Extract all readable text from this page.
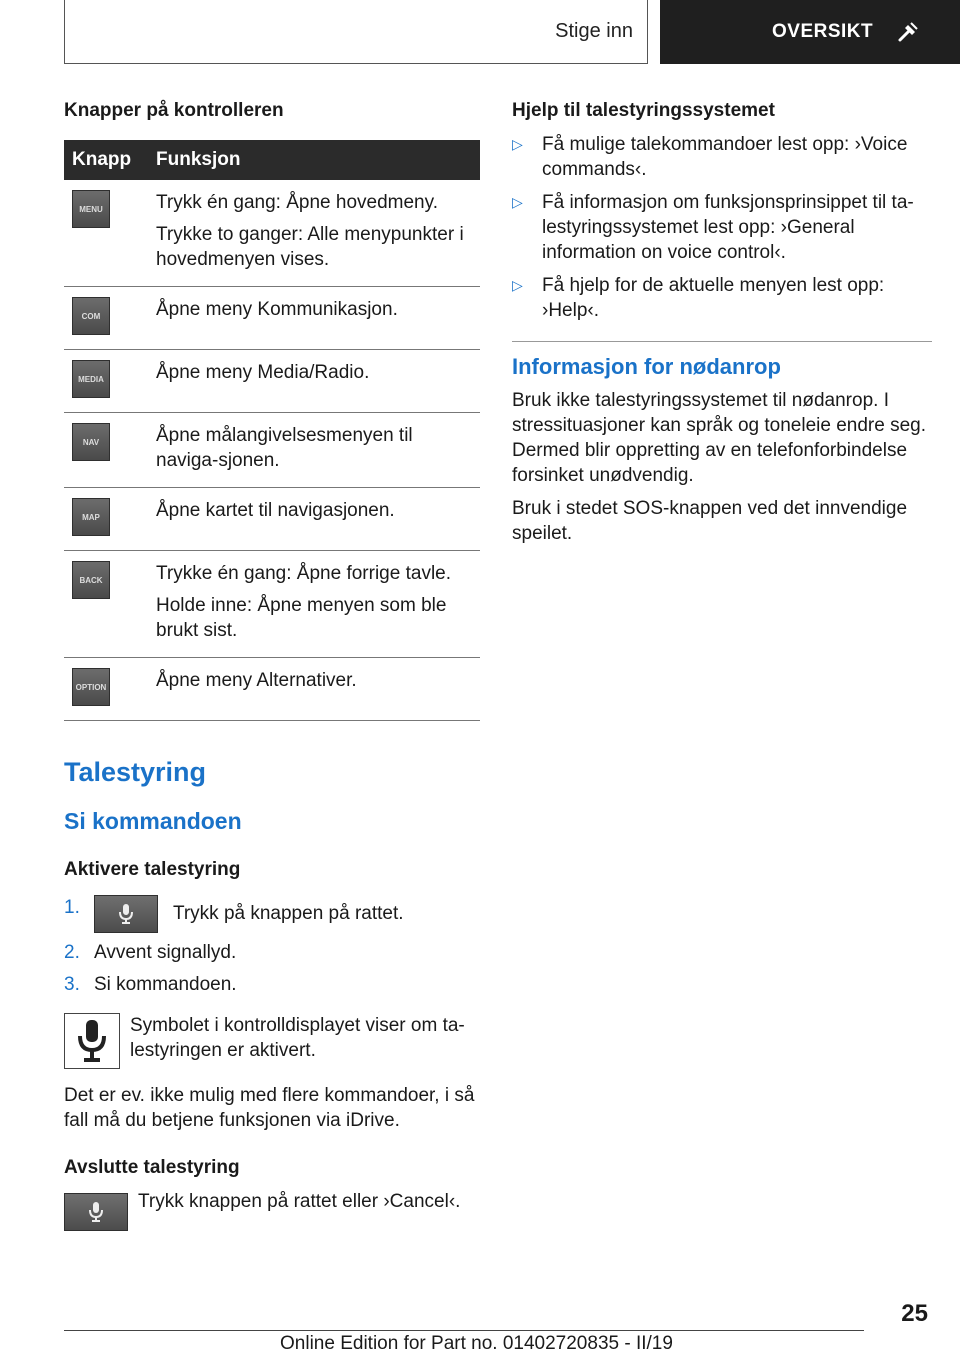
Stige inn	OVERSIKT
Knapper på kontrolleren
Knapp	Funksjon

MENU	Trykk én gang: Åpne hovedmeny.

Trykke to ganger: Alle menypunkter i hovedmenyen vises.

COM	Åpne meny Kommunikasjon.

MEDIA	Åpne meny Media/Radio.

NAV	Åpne målangivelsesmenyen til naviga-sjonen.

MAP	Åpne kartet til navigasjonen.

BACK	Trykke én gang: Åpne forrige tavle.

Holde inne: Åpne menyen som ble brukt sist.

OPTION	Åpne meny Alternativer.

Talestyring
Si kommandoen
Aktivere talestyring
1.	Trykk på knappen på rattet.
2. Avvent signallyd.
3. Si kommandoen.
Symbolet i kontrolldisplayet viser om ta-lestyringen er aktivert.

Det er ev. ikke mulig med flere kommandoer, i så fall må du betjene funksjonen via iDrive.

Avslutte talestyring
Trykk knappen på rattet eller ›Cancel‹.
Hjelp til talestyringssystemet
▷ Få mulige talekommandoer lest opp: ›Voice commands‹.
▷ Få informasjon om funksjonsprinsippet til ta-lestyringssystemet lest opp: ›General information on voice control‹.
▷ Få hjelp for de aktuelle menyen lest opp: ›Help‹.
Informasjon for nødanrop

Bruk ikke talestyringssystemet til nødanrop. I stressituasjoner kan språk og toneleie endre seg. Dermed blir oppretting av en telefonforbindelse forsinket unødvendig.

Bruk i stedet SOS-knappen ved det innvendige speilet.

25
Online Edition for Part no. 01402720835 - II/19
